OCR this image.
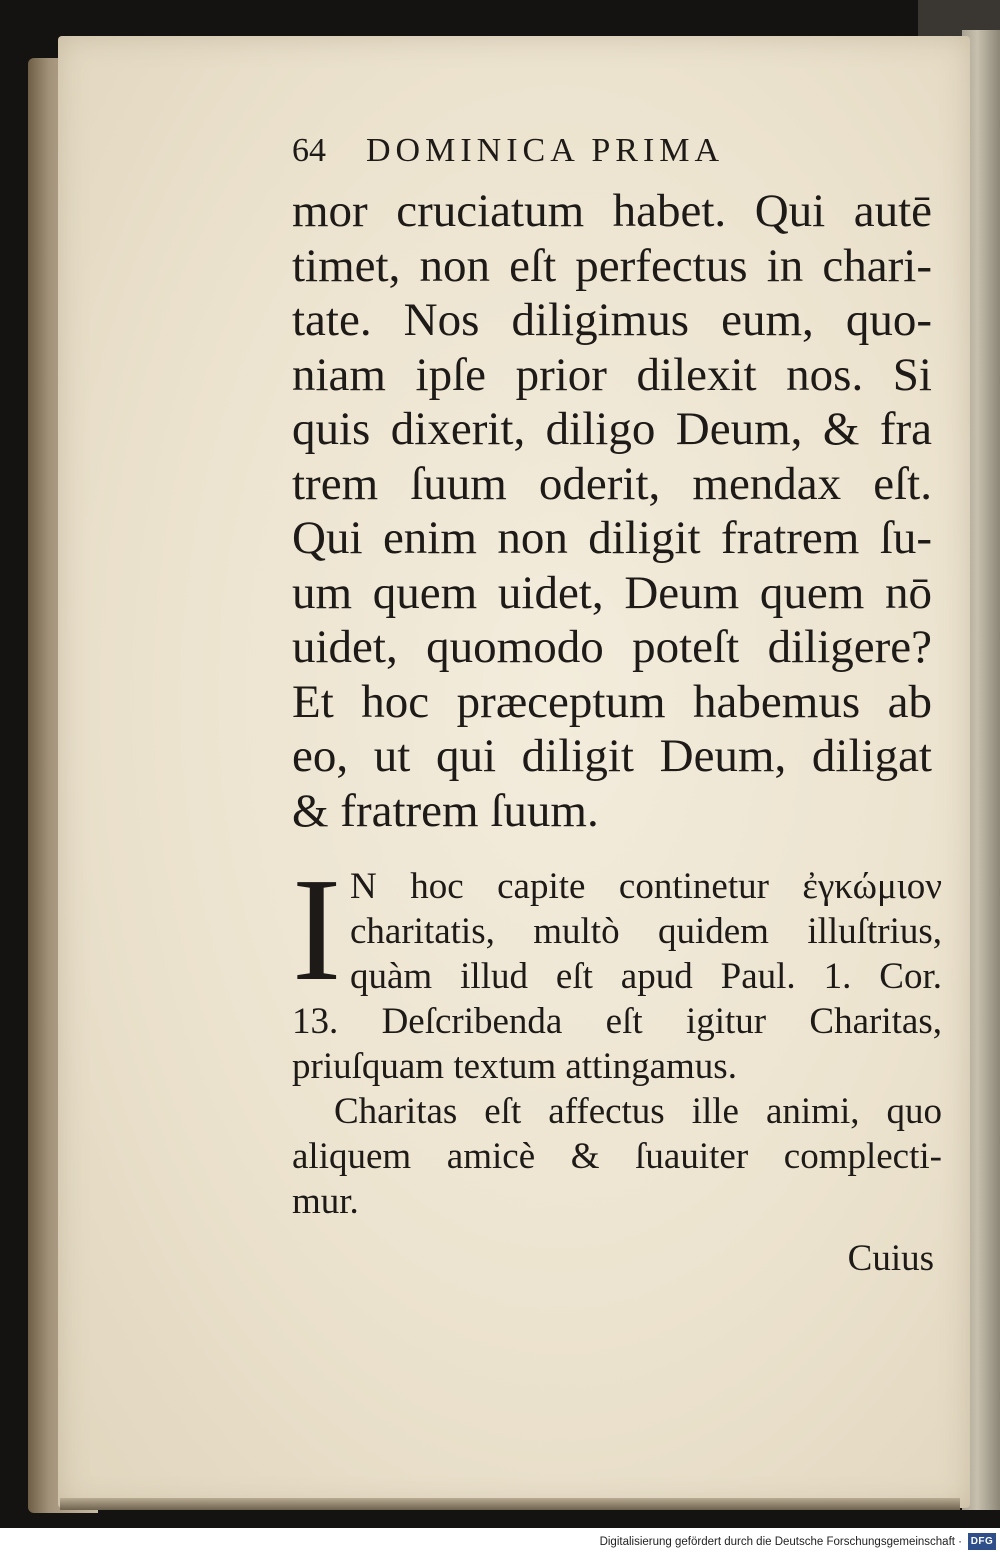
64 DOMINICA PRIMA
mor cruciatum habet. Qui autē
timet, non eſt perfectus in chari-
tate. Nos diligimus eum, quo-
niam ipſe prior dilexit nos. Si
quis dixerit, diligo Deum, & fra
trem ſuum oderit, mendax eſt.
Qui enim non diligit fratrem ſu-
um quem uidet, Deum quem nō
uidet, quomodo poteſt diligere?
Et hoc præceptum habemus ab
eo, ut qui diligit Deum, diligat
& fratrem ſuum.
I N hoc capite continetur ἐγκώμιον
charitatis, multò quidem illuſtrius,
quàm illud eſt apud Paul. 1. Cor.
13. Deſcribenda eſt igitur Charitas,
priuſquam textum attingamus.
Charitas eſt affectus ille animi, quo
aliquem amicè & ſuauiter complecti-
mur.
Cuius
Digitalisierung gefördert durch die Deutsche Forschungsgemeinschaft · DFG
